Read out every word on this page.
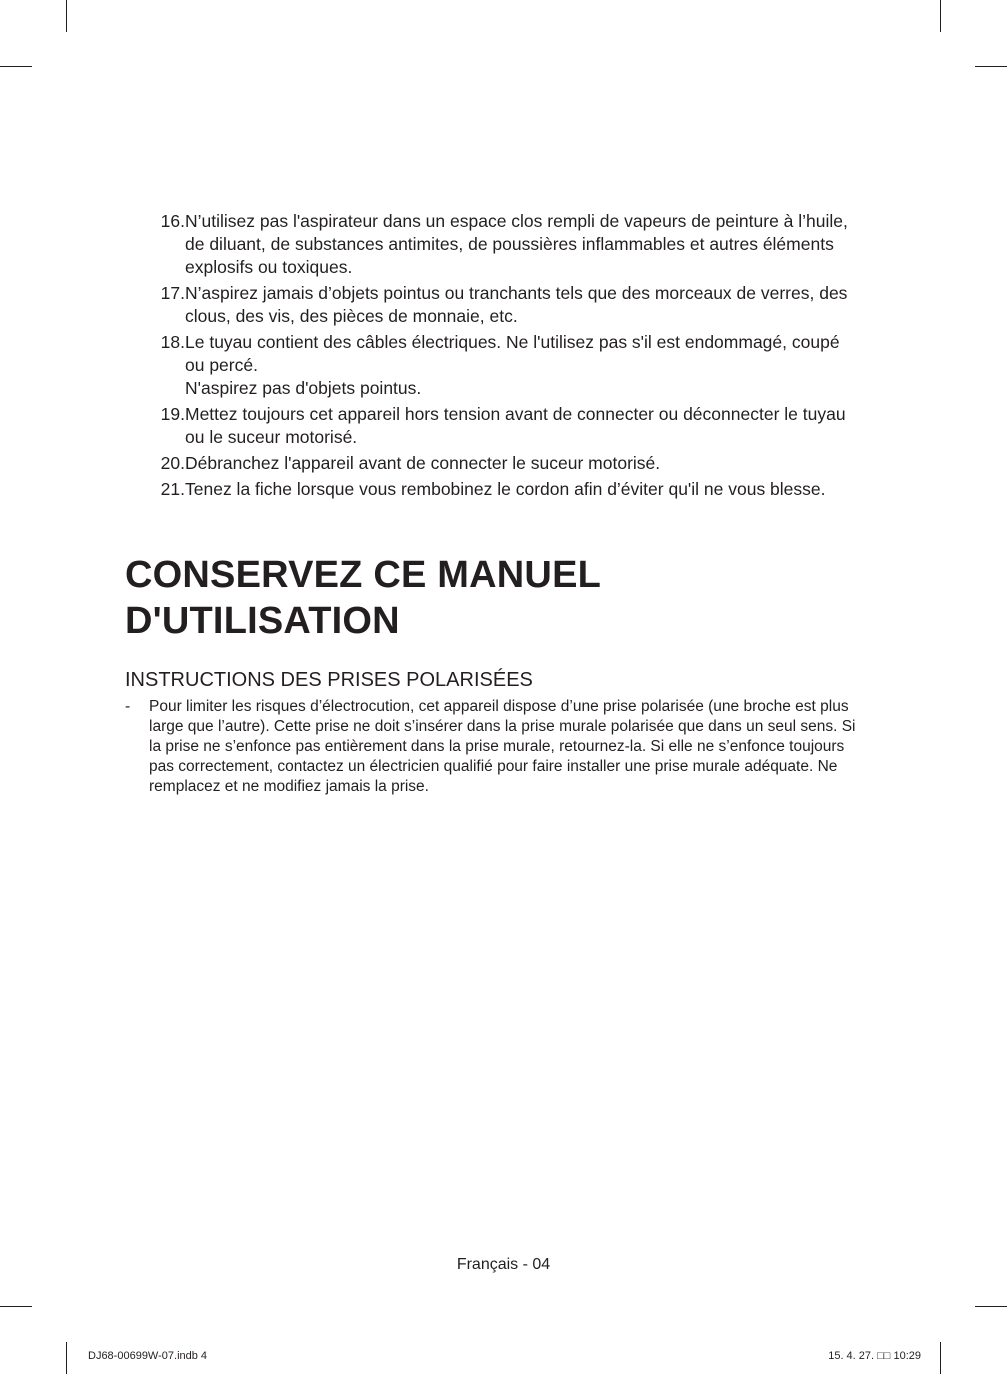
16. N’utilisez pas l'aspirateur dans un espace clos rempli de vapeurs de peinture à l’huile,
de diluant, de substances antimites, de poussières inflammables et autres éléments
explosifs ou toxiques.
17. N’aspirez jamais d’objets pointus ou tranchants tels que des morceaux de verres, des
clous, des vis, des pièces de monnaie, etc.
18. Le tuyau contient des câbles électriques. Ne l'utilisez pas s'il est endommagé, coupé
ou percé.
N'aspirez pas d'objets pointus.
19. Mettez toujours cet appareil hors tension avant de connecter ou déconnecter le tuyau
ou le suceur motorisé.
20. Débranchez l'appareil avant de connecter le suceur motorisé.
21. Tenez la fiche lorsque vous rembobinez le cordon afin d’éviter qu'il ne vous blesse.
CONSERVEZ CE MANUEL
D'UTILISATION
INSTRUCTIONS DES PRISES POLARISÉES
-	Pour limiter les risques d’électrocution, cet appareil dispose d’une prise polarisée (une broche est plus
large que l’autre). Cette prise ne doit s’insérer dans la prise murale polarisée que dans un seul sens. Si
la prise ne s’enfonce pas entièrement dans la prise murale, retournez-la. Si elle ne s’enfonce toujours
pas correctement, contactez un électricien qualifié pour faire installer une prise murale adéquate. Ne
remplacez et ne modifiez jamais la prise.
Français - 04
DJ68-00699W-07.indb 4	15. 4. 27. □□ 10:29
